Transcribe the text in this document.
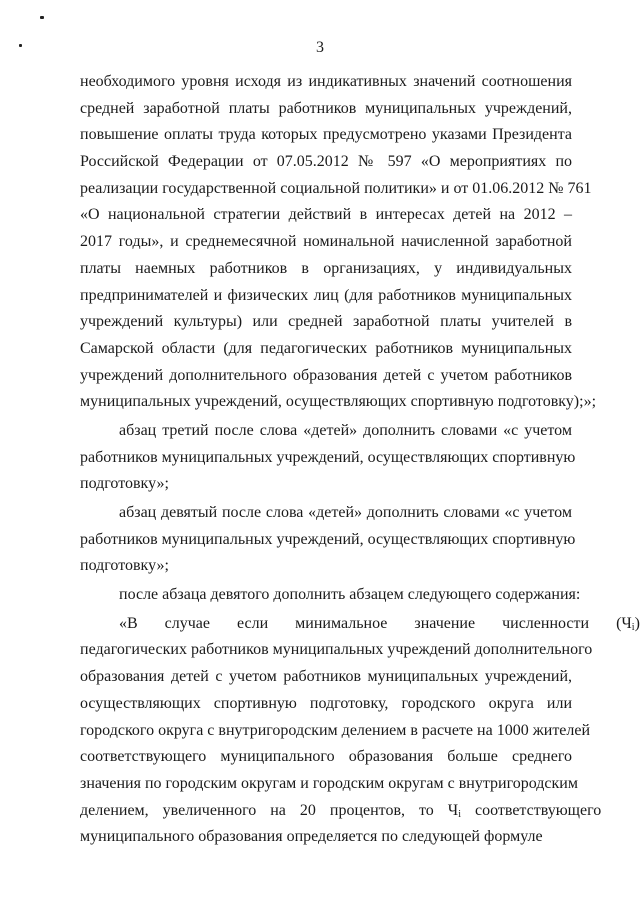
3
необходимого уровня исходя из индикативных значений соотношения
средней заработной платы работников муниципальных учреждений,
повышение оплаты труда которых предусмотрено указами Президента
Российской Федерации от 07.05.2012 № 597 «О мероприятиях по
реализации государственной социальной политики» и от 01.06.2012 № 761
«О национальной стратегии действий в интересах детей на 2012 –
2017 годы», и среднемесячной номинальной начисленной заработной
платы наемных работников в организациях, у индивидуальных
предпринимателей и физических лиц (для работников муниципальных
учреждений культуры) или средней заработной платы учителей в
Самарской области (для педагогических работников муниципальных
учреждений дополнительного образования детей с учетом работников
муниципальных учреждений, осуществляющих спортивную подготовку);»;
абзац третий после слова «детей» дополнить словами «с учетом
работников муниципальных учреждений, осуществляющих спортивную
подготовку»;
абзац девятый после слова «детей» дополнить словами «с учетом
работников муниципальных учреждений, осуществляющих спортивную
подготовку»;
после абзаца девятого дополнить абзацем следующего содержания:
«В случае если минимальное значение численности $(Ч_i)$
педагогических работников муниципальных учреждений дополнительного
образования детей с учетом работников муниципальных учреждений,
осуществляющих спортивную подготовку, городского округа или
городского округа с внутригородским делением в расчете на 1000 жителей
соответствующего муниципального образования больше среднего
значения по городским округам и городским округам с внутригородским
делением, увеличенного на 20 процентов, то $Ч_i$ соответствующего
муниципального образования определяется по следующей формуле
